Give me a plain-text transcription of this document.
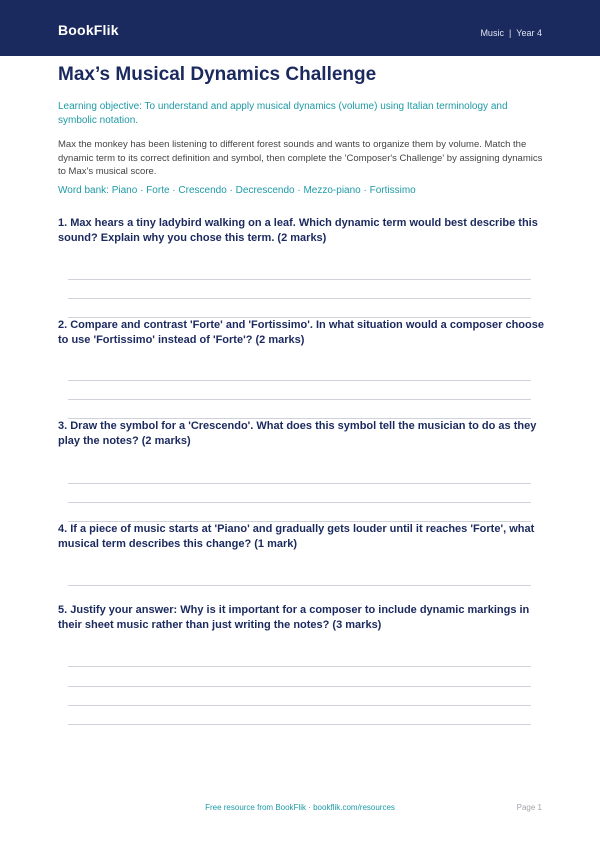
BookFlik	Music | Year 4
Max’s Musical Dynamics Challenge
Learning objective: To understand and apply musical dynamics (volume) using Italian terminology and symbolic notation.
Max the monkey has been listening to different forest sounds and wants to organize them by volume. Match the dynamic term to its correct definition and symbol, then complete the 'Composer's Challenge' by assigning dynamics to Max's musical score.
Word bank: Piano · Forte · Crescendo · Decrescendo · Mezzo-piano · Fortissimo
1. Max hears a tiny ladybird walking on a leaf. Which dynamic term would best describe this sound? Explain why you chose this term. (2 marks)
2. Compare and contrast 'Forte' and 'Fortissimo'. In what situation would a composer choose to use 'Fortissimo' instead of 'Forte'? (2 marks)
3. Draw the symbol for a 'Crescendo'. What does this symbol tell the musician to do as they play the notes? (2 marks)
4. If a piece of music starts at 'Piano' and gradually gets louder until it reaches 'Forte', what musical term describes this change? (1 mark)
5. Justify your answer: Why is it important for a composer to include dynamic markings in their sheet music rather than just writing the notes? (3 marks)
Free resource from BookFlik · bookflik.com/resources	Page 1
